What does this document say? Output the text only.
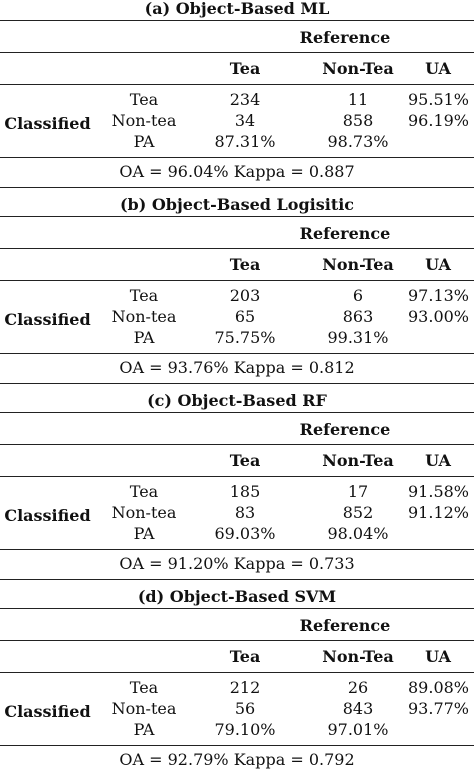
(a) Object-Based ML
Reference
Tea	Non-Tea	UA
Classified
Tea	234	11	95.51%
Non-tea	34	858	96.19%
PA	87.31%	98.73%
OA = 96.04% Kappa = 0.887
(b) Object-Based Logisitic
Reference
Tea	Non-Tea	UA
Classified
Tea	203	6	97.13%
Non-tea	65	863	93.00%
PA	75.75%	99.31%
OA = 93.76% Kappa = 0.812
(c) Object-Based RF
Reference
Tea	Non-Tea	UA
Classified
Tea	185	17	91.58%
Non-tea	83	852	91.12%
PA	69.03%	98.04%
OA = 91.20% Kappa = 0.733
(d) Object-Based SVM
Reference
Tea	Non-Tea	UA
Classified
Tea	212	26	89.08%
Non-tea	56	843	93.77%
PA	79.10%	97.01%
OA = 92.79% Kappa = 0.792
